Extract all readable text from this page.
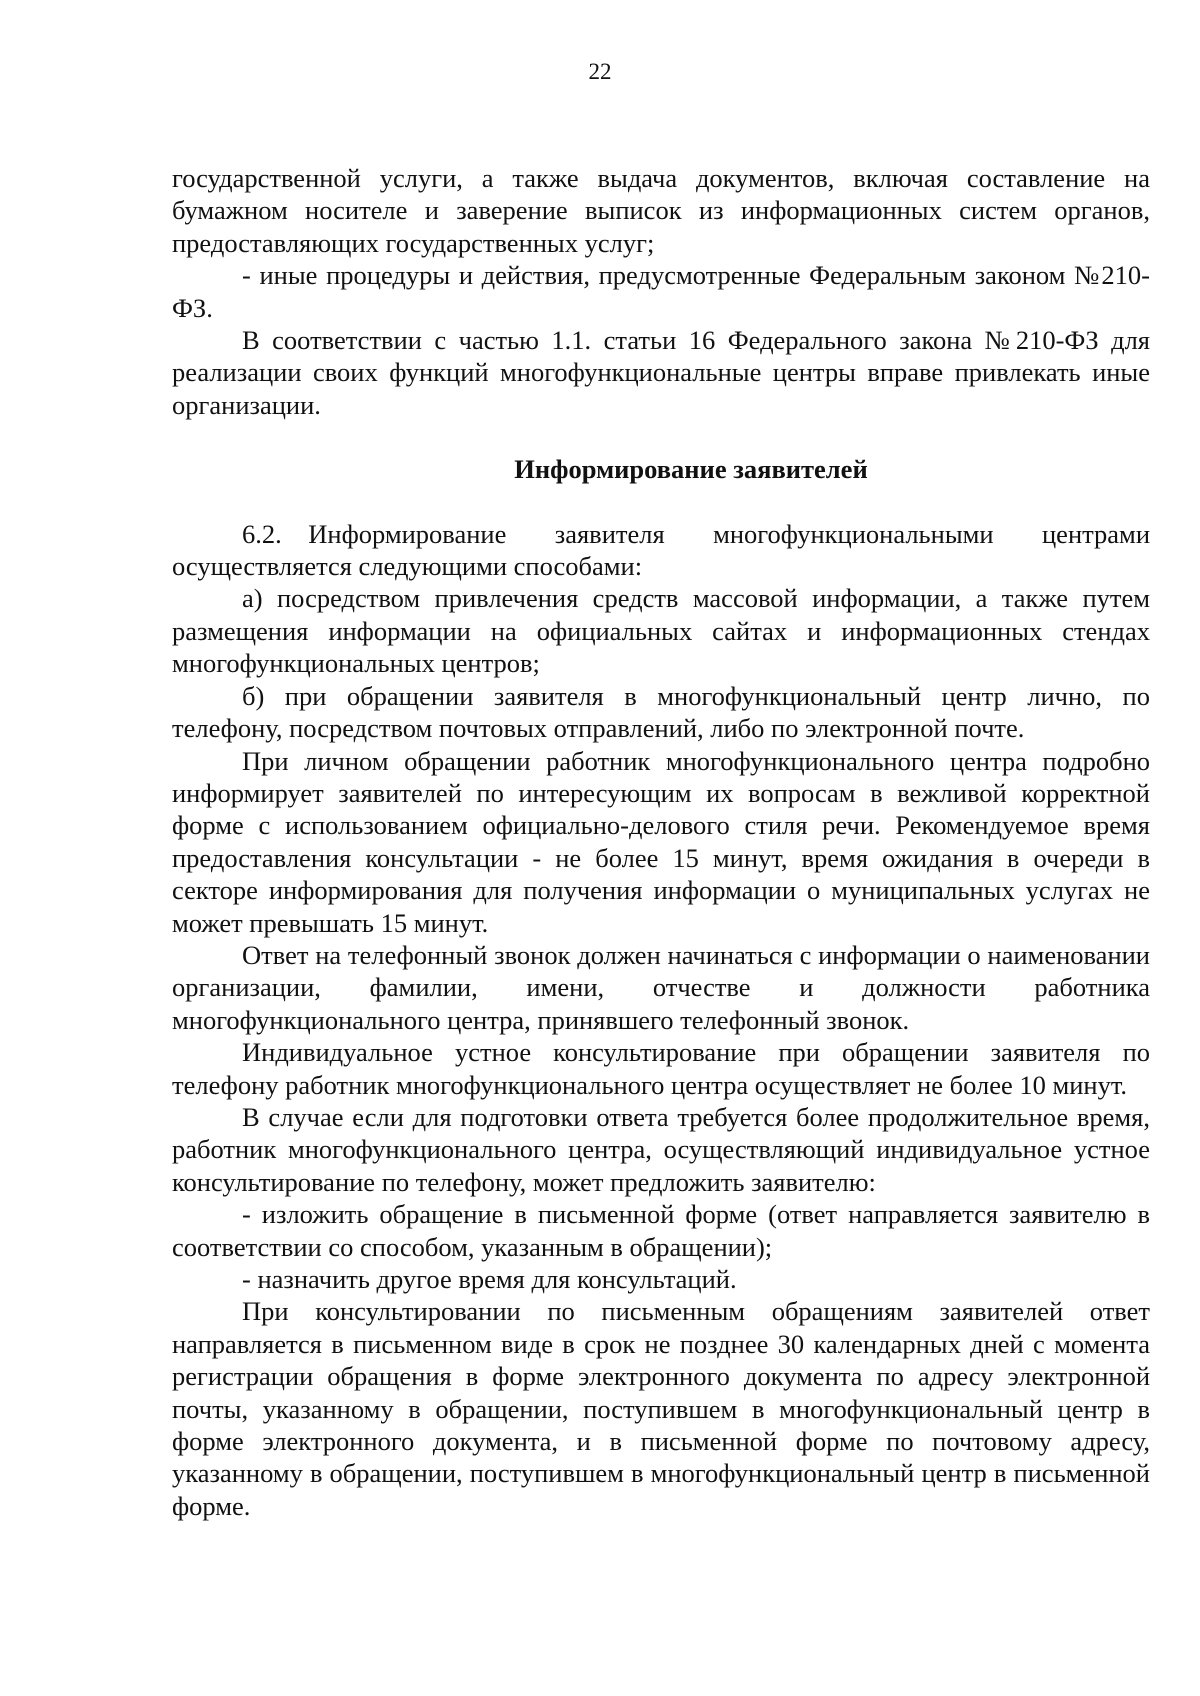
22

государственной услуги, а также выдача документов, включая составление на бумажном носителе и заверение выписок из информационных систем органов, предоставляющих государственных услуг;

- иные процедуры и действия, предусмотренные Федеральным законом №210-ФЗ.

В соответствии с частью 1.1. статьи 16 Федерального закона №210-ФЗ для реализации своих функций многофункциональные центры вправе привлекать иные организации.

Информирование заявителей

6.2. Информирование заявителя многофункциональными центрами осуществляется следующими способами:

а) посредством привлечения средств массовой информации, а также путем размещения информации на официальных сайтах и информационных стендах многофункциональных центров;

б) при обращении заявителя в многофункциональный центр лично, по телефону, посредством почтовых отправлений, либо по электронной почте.

При личном обращении работник многофункционального центра подробно информирует заявителей по интересующим их вопросам в вежливой корректной форме с использованием официально-делового стиля речи. Рекомендуемое время предоставления консультации - не более 15 минут, время ожидания в очереди в секторе информирования для получения информации о муниципальных услугах не может превышать 15 минут.

Ответ на телефонный звонок должен начинаться с информации о наименовании организации, фамилии, имени, отчестве и должности работника многофункционального центра, принявшего телефонный звонок.

Индивидуальное устное консультирование при обращении заявителя по телефону работник многофункционального центра осуществляет не более 10 минут.

В случае если для подготовки ответа требуется более продолжительное время, работник многофункционального центра, осуществляющий индивидуальное устное консультирование по телефону, может предложить заявителю:

- изложить обращение в письменной форме (ответ направляется заявителю в соответствии со способом, указанным в обращении);

- назначить другое время для консультаций.

При консультировании по письменным обращениям заявителей ответ направляется в письменном виде в срок не позднее 30 календарных дней с момента регистрации обращения в форме электронного документа по адресу электронной почты, указанному в обращении, поступившем в многофункциональный центр в форме электронного документа, и в письменной форме по почтовому адресу, указанному в обращении, поступившем в многофункциональный центр в письменной форме.
